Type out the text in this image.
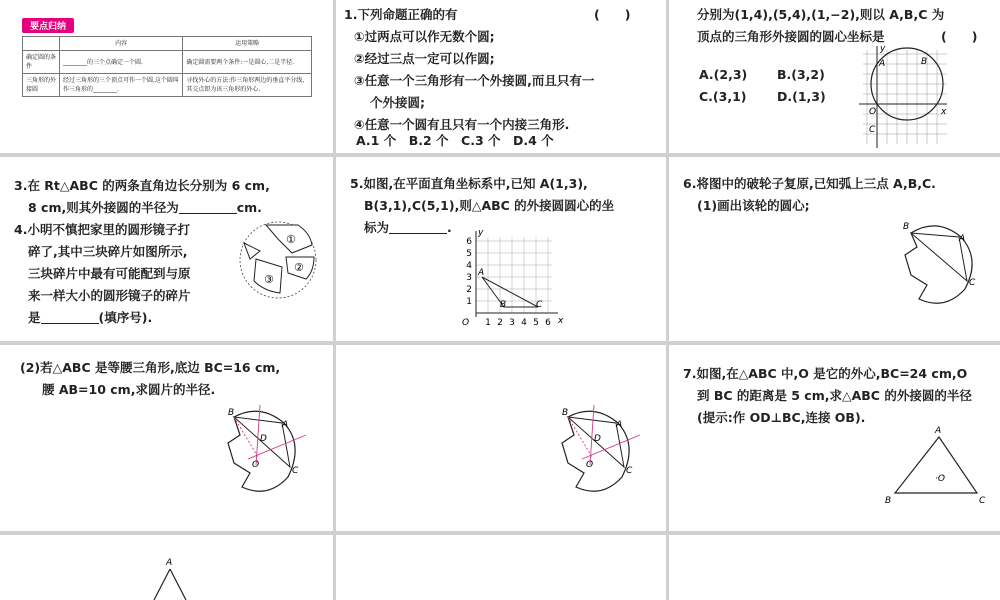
要点归纳
	内容	运用策略
确定圆的条件	________的三个点确定一个圆.	确定圆需要两个条件:一是圆心,二是半径.
三角形的外接圆	经过三角形的三个顶点可作一个圆,这个圆叫作三角形的________.	寻找外心的方法:作三角形两边的垂直平分线,其交点即为该三角形的外心.
1.下列命题正确的有	(　　)
①过两点可以作无数个圆;
②经过三点一定可以作圆;
③任意一个三角形有一个外接圆,而且只有一
个外接圆;
④任意一个圆有且只有一个内接三角形.
A.1 个　B.2 个　C.3 个　D.4 个
分别为(1,4),(5,4),(1,−2),则以 A,B,C 为
顶点的三角形外接圆的圆心坐标是	(　　)
A.(2,3) B.(3,2)
C.(3,1) D.(1,3)
y
x
O
A	B
C
3.在 Rt△ABC 的两条直角边长分别为 6 cm,
8 cm,则其外接圆的半径为	cm.
4.小明不慎把家里的圆形镜子打
碎了,其中三块碎片如图所示,
三块碎片中最有可能配到与原
来一样大小的圆形镜子的碎片
是	(填序号).
①
②
③
5.如图,在平面直角坐标系中,已知 A(1,3),
B(3,1),C(5,1),则△ABC 的外接圆圆心的坐
标为	.	y
x
O
A
B	C
1 2 3 4 5 6
1
2
3
4
5
6
6.将图中的破轮子复原,已知弧上三点 A,B,C.
(1)画出该轮的圆心;
B
A
C
(2)若△ABC 是等腰三角形,底边 BC=16 cm,
腰 AB=10 cm,求圆片的半径.
B
A
C
D
O
B
A
C
D
O
7.如图,在△ABC 中,O 是它的外心,BC=24 cm,O
到 BC 的距离是 5 cm,求△ABC 的外接圆的半径
(提示:作 OD⊥BC,连接 OB).
A
B	C
·O
A
